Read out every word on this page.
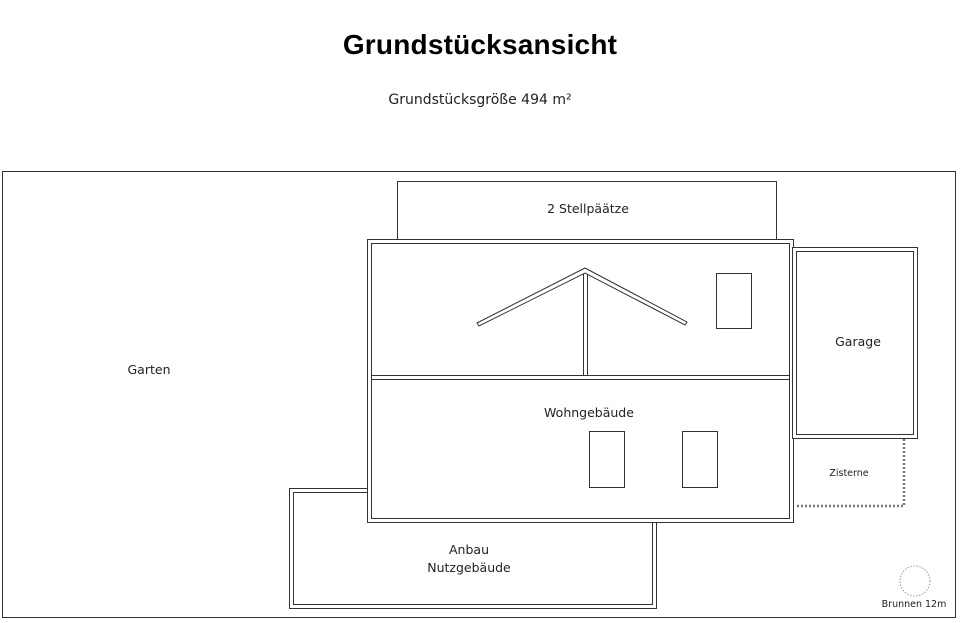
Grundstücksansicht
Grundstücksgröße 494 m²
2 Stellpäätze
Garten
Anbau
Nutzgebäude
Wohngebäude
Garage
Zisterne
Brunnen 12m
